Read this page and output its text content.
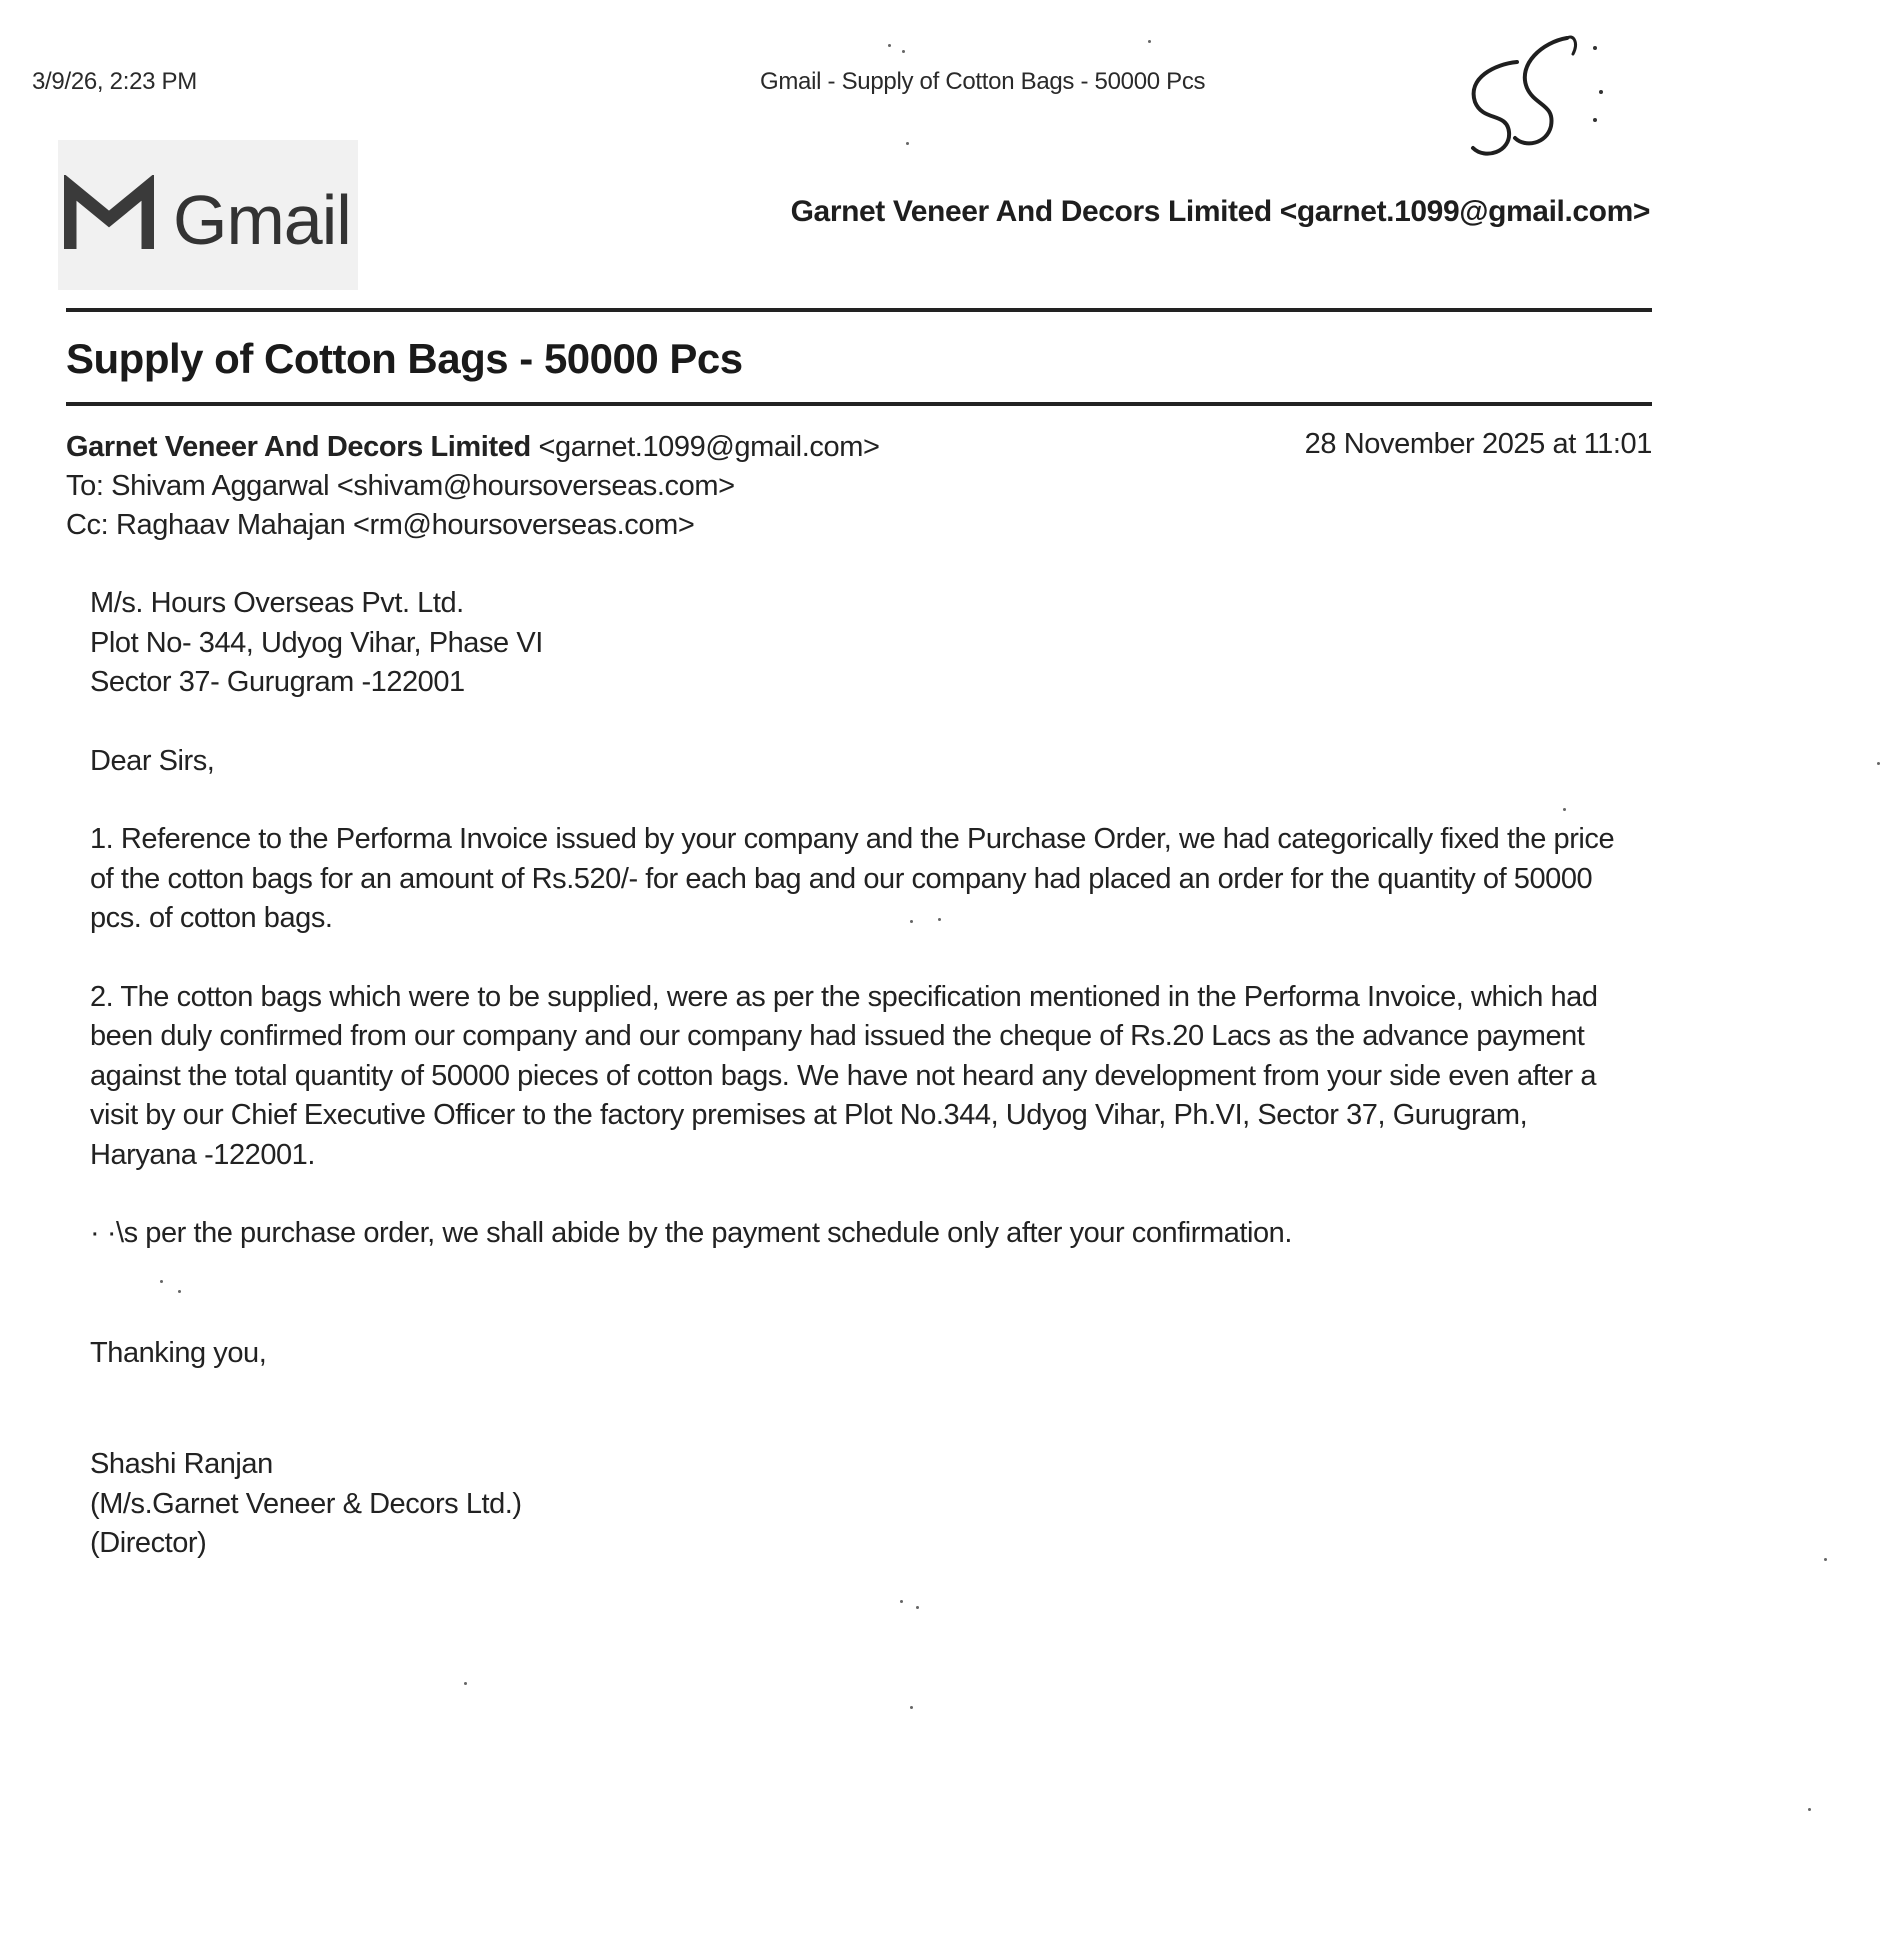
3/9/26, 2:23 PM	Gmail - Supply of Cotton Bags - 50000 Pcs
Gmail	Garnet Veneer And Decors Limited <garnet.1099@gmail.com>
Supply of Cotton Bags - 50000 Pcs
Garnet Veneer And Decors Limited <garnet.1099@gmail.com>	28 November 2025 at 11:01
To: Shivam Aggarwal <shivam@hoursoverseas.com>
Cc: Raghaav Mahajan <rm@hoursoverseas.com>
M/s. Hours Overseas Pvt. Ltd.
Plot No- 344, Udyog Vihar, Phase VI
Sector 37- Gurugram -122001

Dear Sirs,

1. Reference to the Performa Invoice issued by your company and the Purchase Order, we had categorically fixed the price of the cotton bags for an amount of Rs.520/- for each bag and our company had placed an order for the quantity of 50000 pcs. of cotton bags.

2. The cotton bags which were to be supplied, were as per the specification mentioned in the Performa Invoice, which had been duly confirmed from our company and our company had issued the cheque of Rs.20 Lacs as the advance payment against the total quantity of 50000 pieces of cotton bags. We have not heard any development from your side even after a visit by our Chief Executive Officer to the factory premises at Plot No.344, Udyog Vihar, Ph.VI, Sector 37, Gurugram, Haryana -122001.

· ·\s per the purchase order, we shall abide by the payment schedule only after your confirmation.

Thanking you,

Shashi Ranjan
(M/s.Garnet Veneer & Decors Ltd.)
(Director)
